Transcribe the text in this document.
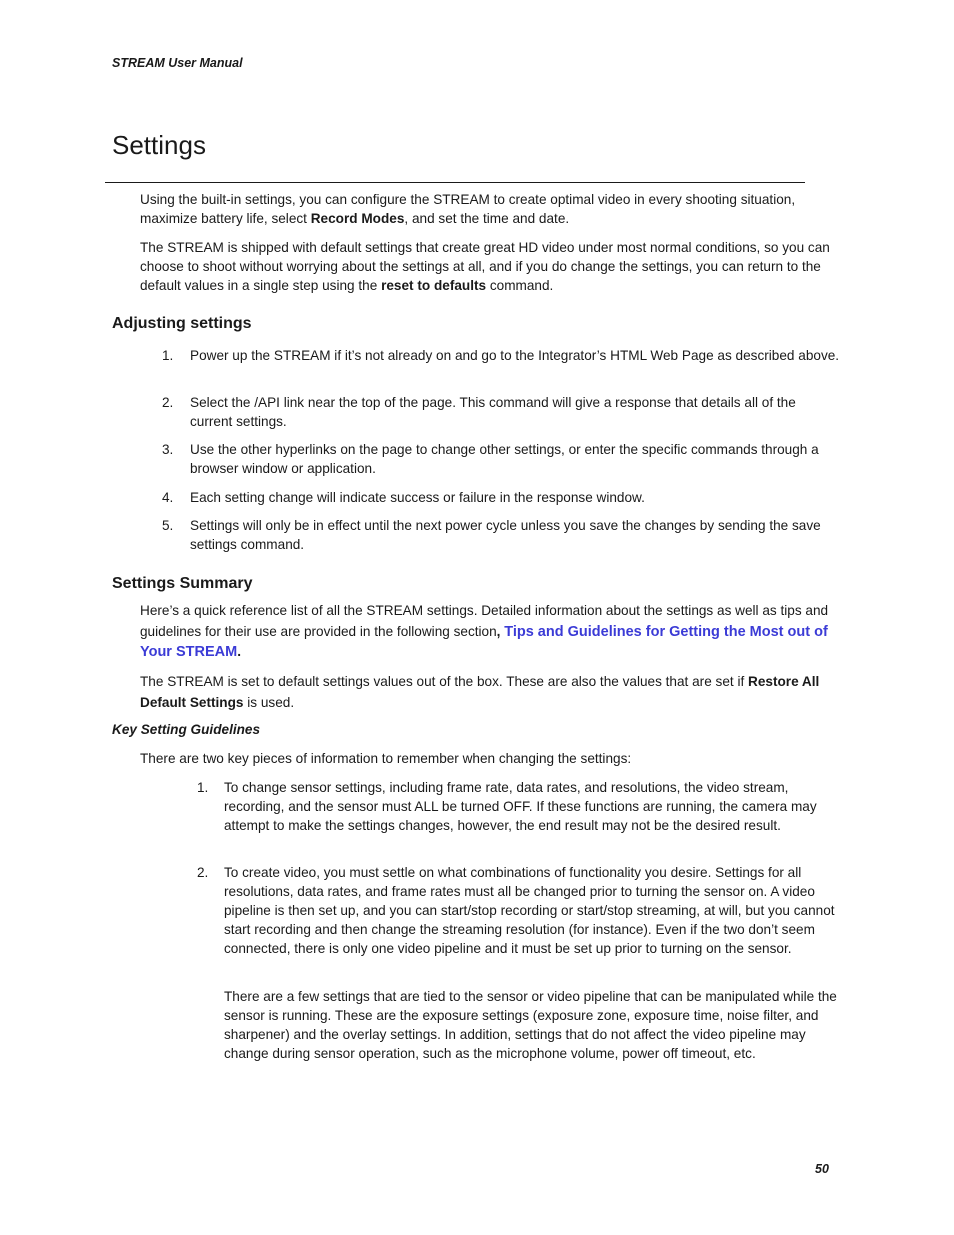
STREAM User Manual
Settings

Using the built-in settings, you can configure the STREAM to create optimal video in every shooting situation, maximize battery life, select Record Modes, and set the time and date.

The STREAM is shipped with default settings that create great HD video under most normal conditions, so you can choose to shoot without worrying about the settings at all, and if you do change the settings, you can return to the default values in a single step using the reset to defaults command.

Adjusting settings
1. Power up the STREAM if it’s not already on and go to the Integrator’s HTML Web Page as described above.
2. Select the /API link near the top of the page. This command will give a response that details all of the current settings.
3. Use the other hyperlinks on the page to change other settings, or enter the specific commands through a browser window or application.
4. Each setting change will indicate success or failure in the response window.
5. Settings will only be in effect until the next power cycle unless you save the changes by sending the save settings command.
Settings Summary

Here’s a quick reference list of all the STREAM settings. Detailed information about the settings as well as tips and guidelines for their use are provided in the following section, Tips and Guidelines for Getting the Most out of Your STREAM.

The STREAM is set to default settings values out of the box. These are also the values that are set if Restore All Default Settings is used.

Key Setting Guidelines

There are two key pieces of information to remember when changing the settings:

1. To change sensor settings, including frame rate, data rates, and resolutions, the video stream, recording, and the sensor must ALL be turned OFF. If these functions are running, the camera may attempt to make the settings changes, however, the end result may not be the desired result.
2. To create video, you must settle on what combinations of functionality you desire. Settings for all resolutions, data rates, and frame rates must all be changed prior to turning the sensor on. A video pipeline is then set up, and you can start/stop recording or start/stop streaming, at will, but you cannot start recording and then change the streaming resolution (for instance). Even if the two don’t seem connected, there is only one video pipeline and it must be set up prior to turning on the sensor.

There are a few settings that are tied to the sensor or video pipeline that can be manipulated while the sensor is running. These are the exposure settings (exposure zone, exposure time, noise filter, and sharpener) and the overlay settings. In addition, settings that do not affect the video pipeline may change during sensor operation, such as the microphone volume, power off timeout, etc.

50
